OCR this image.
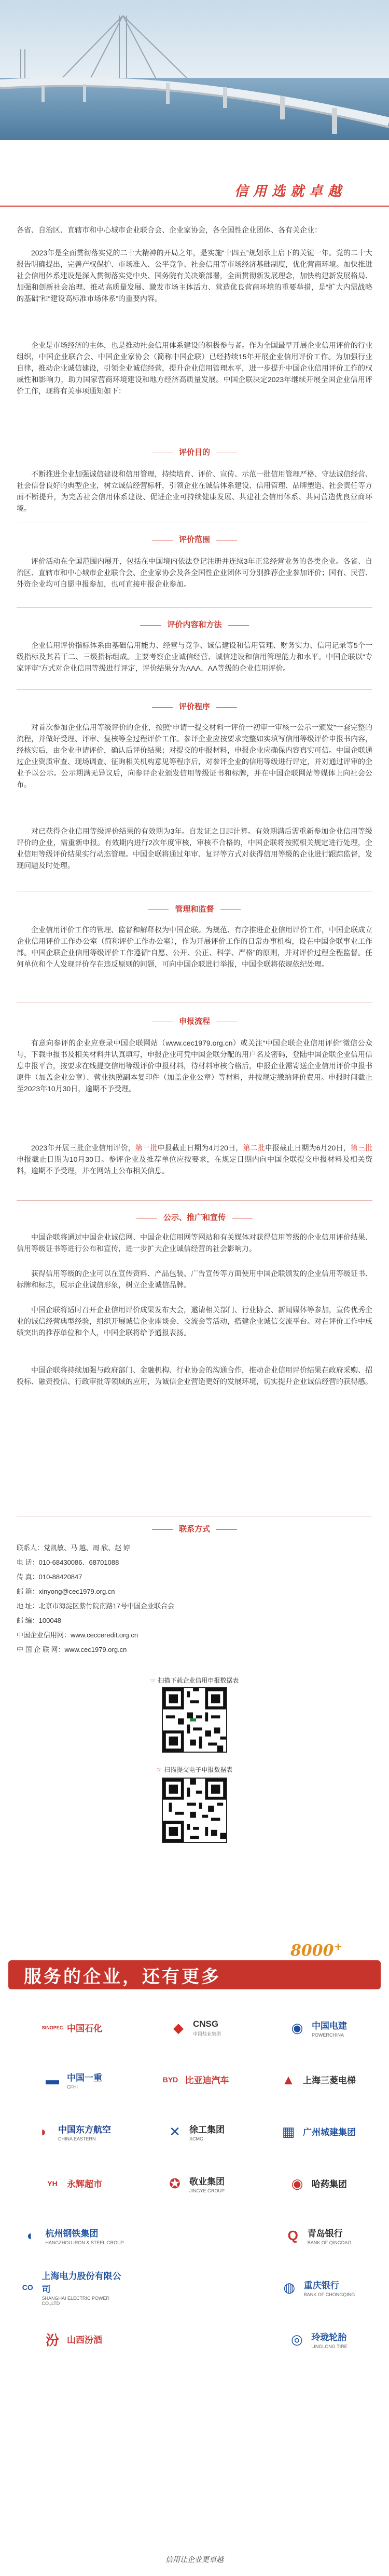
信用选就卓越

各省、自治区、直辖市和中心城市企业联合会、企业家协会，各全国性企业团体、各有关企业：

2023年是全面贯彻落实党的二十大精神的开局之年，是实施“十四五”规划承上启下的关键一年。党的二十大报告明确提出，完善产权保护、市场准入、公平竞争、社会信用等市场经济基础制度，优化营商环境。加快推进社会信用体系建设是深入贯彻落实党中央、国务院有关决策部署，全面贯彻新发展理念，加快构建新发展格局、加强和创新社会治理、推动高质量发展、激发市场主体活力、营造优良营商环境的重要举措，是“扩大内需战略的基础”和“建设高标准市场体系”的重要内容。

企业是市场经济的主体，也是推动社会信用体系建设的积极参与者。作为全国最早开展企业信用评价的行业组织，中国企业联合会、中国企业家协会（简称中国企联）已经持续15年开展企业信用评价工作。为加强行业自律，推动企业诚信建设，引领企业诚信经营，提升企业信用管理水平，进一步提升中国企业信用评价工作的权威性和影响力，助力国家营商环境建设和地方经济高质量发展。中国企联决定2023年继续开展全国企业信用评价工作，现将有关事项通知如下：

评价目的

不断推进企业加强诚信建设和信用管理，持续培育、评价、宣传、示范一批信用管理严格、守法诚信经营、社会信誉良好的典型企业，树立诚信经营标杆，引领企业在诚信体系建设、信用管理、品牌塑造、社会责任等方面不断提升，为完善社会信用体系建设、促进企业可持续健康发展、共建社会信用体系、共同营造优良营商环境。

评价范围

评价活动在全国范围内展开，包括在中国境内依法登记注册并连续3年正常经营业务的各类企业。各省、自治区、直辖市和中心城市企业联合会、企业家协会及各全国性企业团体可分别推荐企业参加评价；国有、民营、外资企业均可自愿申报参加，也可直接申报企业参加。

评价内容和方法

企业信用评价指标体系由基础信用能力、经营与竞争、诚信建设和信用管理、财务实力、信用记录等5个一级指标及其若干二、三级指标组成。主要考察企业诚信经营、诚信建设和信用管理能力和水平。中国企联以“专家评审”方式对企业信用等级进行评定，评价结果分为AAA、AA等级的企业信用评价。

评价程序

对首次参加企业信用等级评价的企业，按照“申请一提交材料一评价一初审一审核一公示一颁发”一套完整的流程，并做好受理、评审、复核等全过程评价工作。参评企业应按要求完整如实填写信用等级评价申报书内容，经核实后，由企业申请评价，确认后评价结果；对提交的申报材料，申报企业应确保内容真实可信。中国企联通过企业资质审查、现场调查、征询相关机构意见等程序后，对参评企业的信用等级进行评定，并对通过评审的企业予以公示。公示期满无异议后，向参评企业颁发信用等级证书和标牌，并在中国企联网站等媒体上向社会公布。

对已获得企业信用等级评价结果的有效期为3年。自发证之日起计算。有效期满后需重新参加企业信用等级评价的企业，需重新申报。有效期内进行2次年度审核，审核不合格的，中国企联将按照相关规定进行处理，企业信用等级评价结果实行动态管理。中国企联将通过年审、复评等方式对获得信用等级的企业进行跟踪监督，发现问题及时处理。

管理和监督

企业信用评价工作的管理、监督和解释权为中国企联。为规范、有序推进企业信用评价工作，中国企联成立企业信用评价工作办公室（简称评价工作办公室），作为开展评价工作的日常办事机构，设在中国企联事业工作部。中国企联企业信用等级评价工作遵循“自愿、公开、公正、科学、严格”的原则，并对评价过程全程监督。任何单位和个人发现评价存在违反原则的问题，可向中国企联进行举报，中国企联将依规依纪处理。

申报流程

有意向参评的企业应登录中国企联网站（www.cec1979.org.cn）或关注“中国企联企业信用评价”微信公众号，下载申报书及相关材料并认真填写，申报企业可凭中国企联分配的用户名及密码，登陆中国企联企业信用信息申报平台，按要求在线提交信用等级评价申报材料，待材料审核合格后，申报企业需寄送企业信用评价申报书原件（加盖企业公章）、营业执照副本复印件（加盖企业公章）等材料，并按规定缴纳评价费用。申报时间截止至2023年10月30日，逾期不予受理。

2023年开展三批企业信用评价，第一批申报截止日期为4月20日，第二批申报截止日期为6月20日，第三批申报截止日期为10月30日。参评企业及推荐单位应按要求，在规定日期内向中国企联提交申报材料及相关资料，逾期不予受理，并在网站上公布相关信息。

公示、推广和宣传

中国企联将通过中国企业诚信网、中国企业信用网等网站和有关媒体对获得信用等级的企业信用评价结果、信用等级证书等进行公布和宣传，进一步扩大企业诚信经营的社会影响力。

获得信用等级的企业可以在宣传资料、产品包装、广告宣传等方面使用中国企联颁发的企业信用等级证书、标牌和标志，展示企业诚信形象，树立企业诚信品牌。

中国企联将适时召开企业信用评价成果发布大会，邀请相关部门、行业协会、新闻媒体等参加，宣传优秀企业的诚信经营典型经验，组织开展诚信企业座谈会、交流会等活动，搭建企业诚信交流平台。对在评价工作中成绩突出的推荐单位和个人，中国企联将给予通报表扬。

中国企联将持续加强与政府部门、金融机构、行业协会的沟通合作，推动企业信用评价结果在政府采购、招投标、融资授信、行政审批等领域的应用，为诚信企业营造更好的发展环境，切实提升企业诚信经营的获得感。

联系方式
联系人：党凯敏、马 越、周 欣、赵 婷
电 话：010-68430086、68701088
传 真：010-88420847
邮 箱：xinyong@cec1979.org.cn
地 址：北京市海淀区紫竹院南路17号中国企业联合会
邮 编：100048
中国企业信用网：www.cecceredit.org.cn
中 国 企 联 网：www.cec1979.org.cn
☞ 扫描下载企业信用申报数据表
☞ 扫描提交电子申报数据表
8000+
服务的企业，还有更多
SINOPEC 中国石化	◆	CNSG
中国盐业集团	◉ 中国电建
POWERCHINA
▬ 中国一重
CFHI
BYD 比亚迪汽车	▲ 上海三菱电梯
◗	中国东方航空
CHINA EASTERN	✕	徐工集团
XCMG	▦ 广州城建集团
YH	永辉超市	✪	敬业集团
JINGYE GROUP	◉ 哈药集团
◐	杭州钢铁集团
HANGZHOU IRON & STEEL GROUP	Q	青岛银行
BANK OF QINGDAO
CO
上海电力股份有限公司
SHANGHAI ELECTRIC POWER CO.,LTD
◍ 重庆银行
BANK OF CHONGQING
汾 山西汾酒	◎ 玲珑轮胎
LINGLONG TIRE
信用让企业更卓越
